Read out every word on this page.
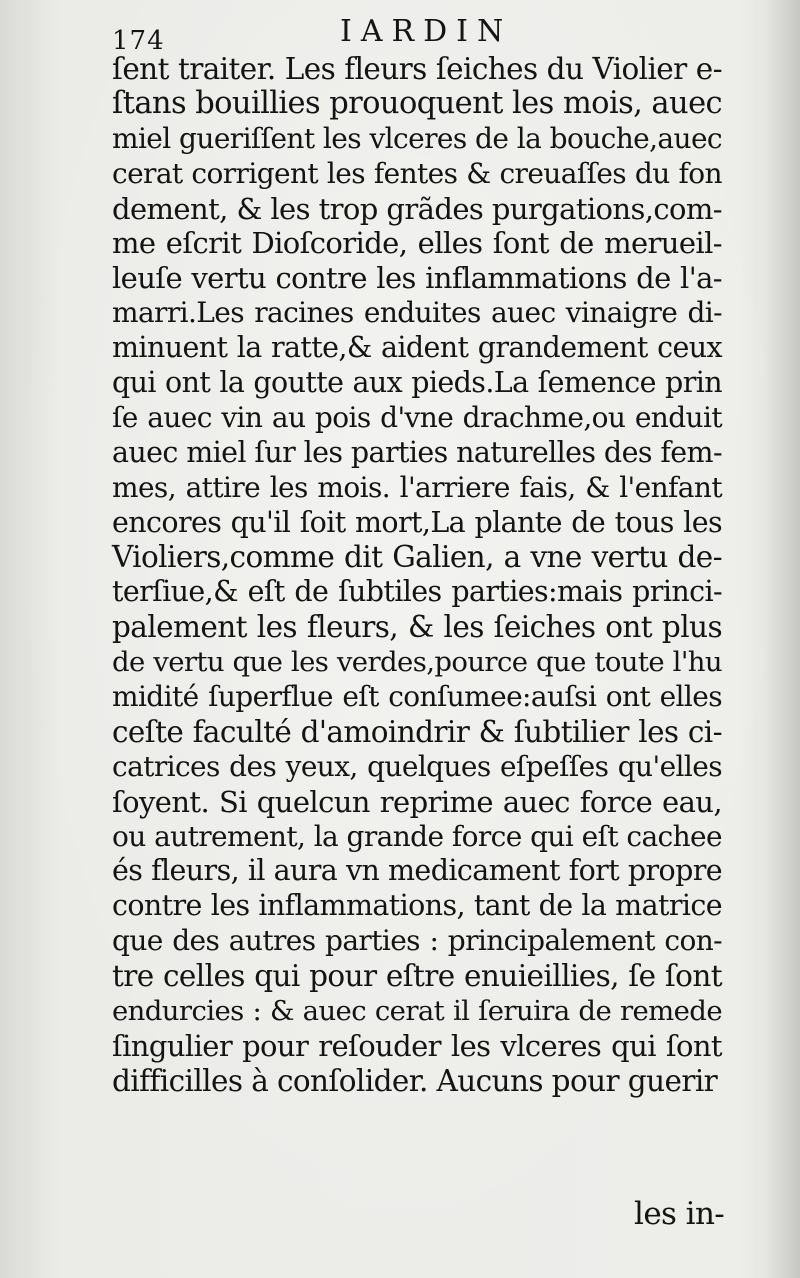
174	IARDIN
ſent traiter. Les fleurs ſeiches du Violier e-
ſtans bouillies prouoquent les mois, auec
miel gueriſſent les vlceres de la bouche,auec
cerat corrigent les fentes & creuaſſes du fon
dement, & les trop grãdes purgations,com-
me eſcrit Dioſcoride, elles ſont de merueil-
leuſe vertu contre les inflammations de l'a-
marri.Les racines enduites auec vinaigre di-
minuent la ratte,& aident grandement ceux
qui ont la goutte aux pieds.La ſemence prin
ſe auec vin au pois d'vne drachme,ou enduit
auec miel ſur les parties naturelles des fem-
mes, attire les mois. l'arriere fais, & l'enfant
encores qu'il ſoit mort,La plante de tous les
Violiers,comme dit Galien, a vne vertu de-
terſiue,& eſt de ſubtiles parties:mais princi-
palement les fleurs, & les ſeiches ont plus
de vertu que les verdes,pource que toute l'hu
midité ſuperflue eſt conſumee:auſsi ont elles
ceſte faculté d'amoindrir & ſubtilier les ci-
catrices des yeux, quelques eſpeſſes qu'elles
ſoyent. Si quelcun reprime auec force eau,
ou autrement, la grande force qui eſt cachee
és fleurs, il aura vn medicament fort propre
contre les inflammations, tant de la matrice
que des autres parties : principalement con-
tre celles qui pour eſtre enuieillies, ſe ſont
endurcies : & auec cerat il ſeruira de remede
ſingulier pour reſouder les vlceres qui ſont
difficilles à conſolider. Aucuns pour guerir
les in-
